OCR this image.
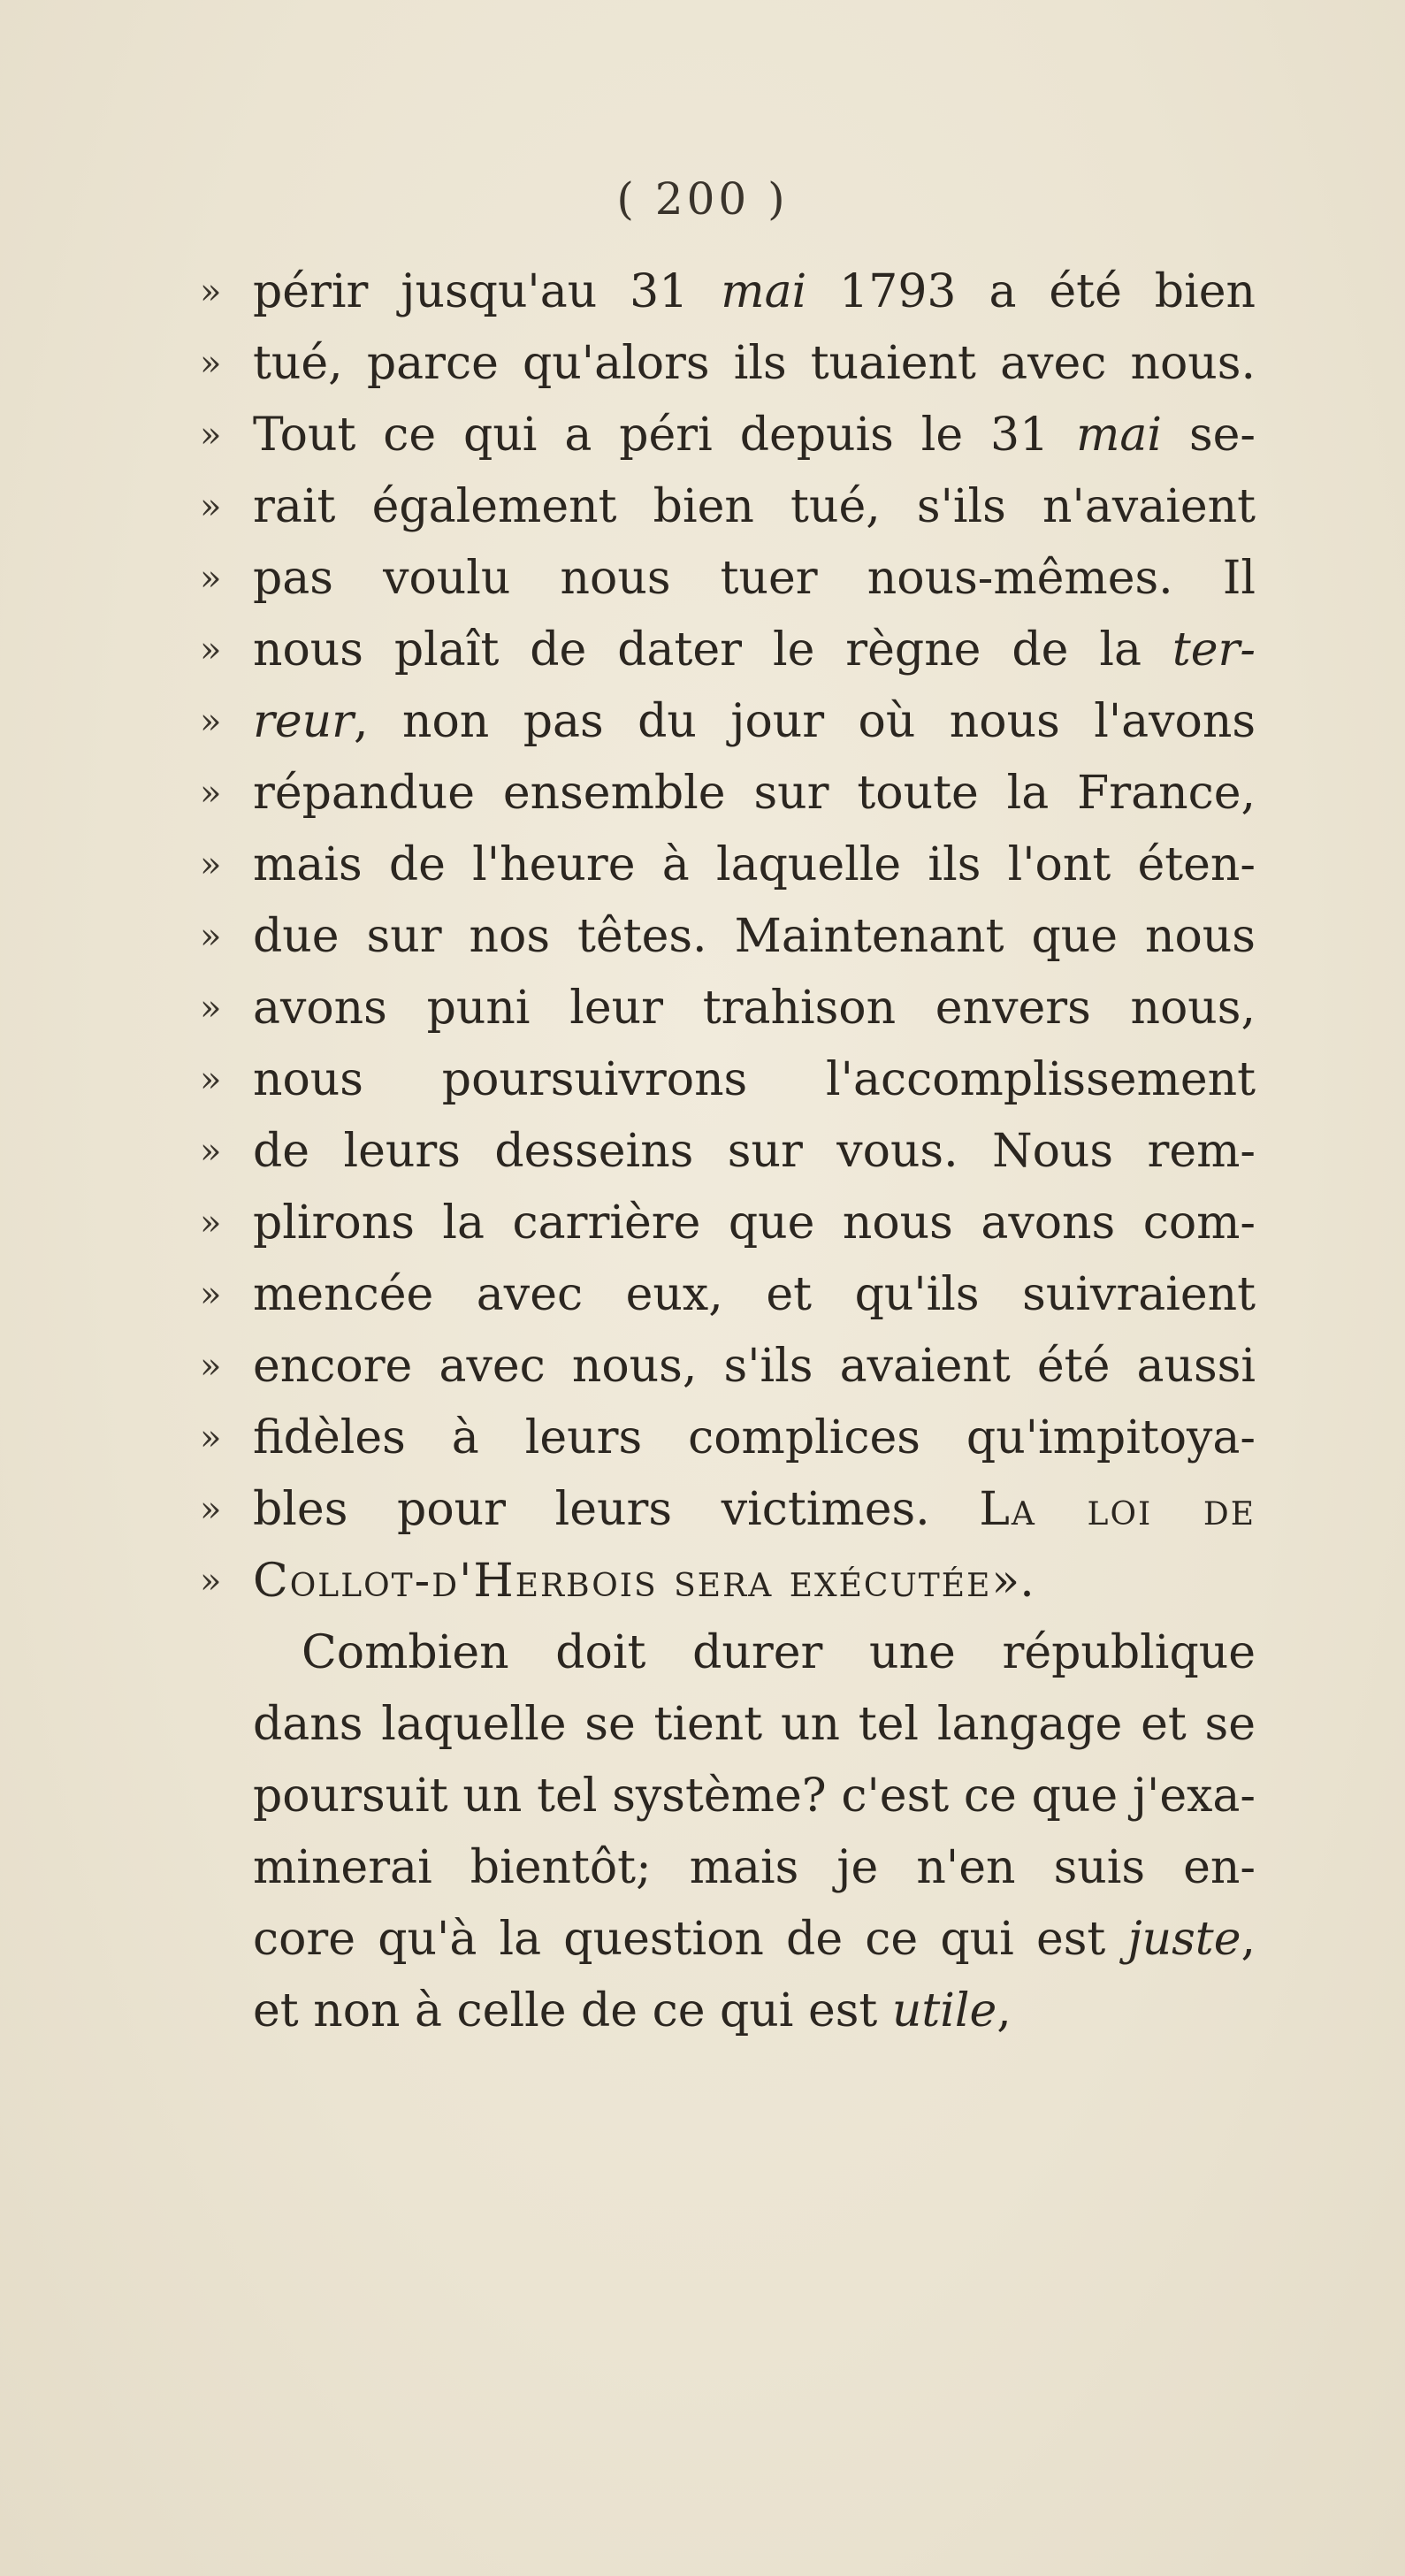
( 200 )
» périr jusqu'au 31 mai 1793 a été bien
» tué, parce qu'alors ils tuaient avec nous.
» Tout ce qui a péri depuis le 31 mai se-
» rait également bien tué, s'ils n'avaient
» pas voulu nous tuer nous-mêmes. Il
» nous plaît de dater le règne de la ter-
» reur, non pas du jour où nous l'avons
» répandue ensemble sur toute la France,
» mais de l'heure à laquelle ils l'ont éten-
» due sur nos têtes. Maintenant que nous
» avons puni leur trahison envers nous,
» nous poursuivrons l'accomplissement
» de leurs desseins sur vous. Nous rem-
» plirons la carrière que nous avons com-
» mencée avec eux, et qu'ils suivraient
» encore avec nous, s'ils avaient été aussi
» fidèles à leurs complices qu'impitoya-
» bles pour leurs victimes. La loi de
» Collot-d'Herbois sera exécutée».
Combien doit durer une république
dans laquelle se tient un tel langage et se
poursuit un tel système? c'est ce que j'exa-
minerai bientôt; mais je n'en suis en-
core qu'à la question de ce qui est juste,
et non à celle de ce qui est utile,
